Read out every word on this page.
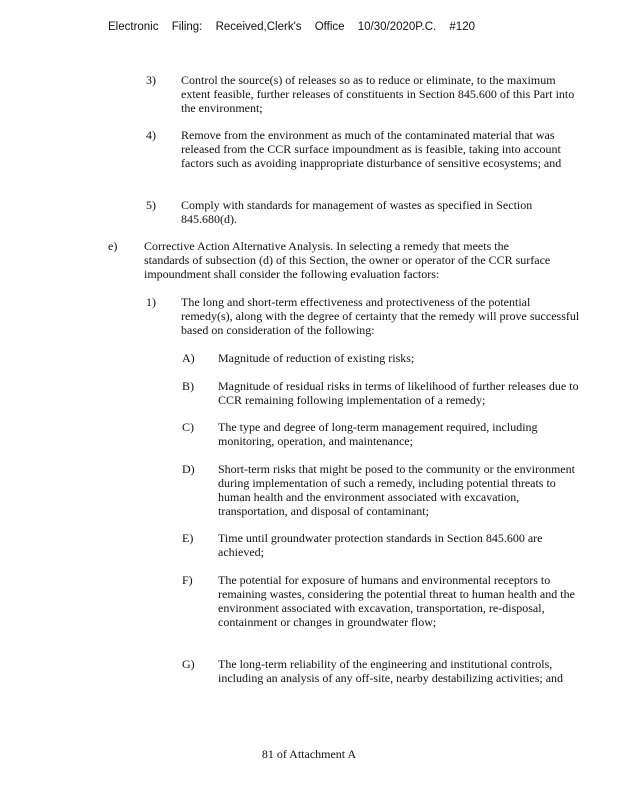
Electronic Filing: Received,Clerk's Office 10/30/2020P.C. #120
3) Control the source(s) of releases so as to reduce or eliminate, to the maximum extent feasible, further releases of constituents in Section 845.600 of this Part into the environment;
4) Remove from the environment as much of the contaminated material that was released from the CCR surface impoundment as is feasible, taking into account factors such as avoiding inappropriate disturbance of sensitive ecosystems; and
5) Comply with standards for management of wastes as specified in Section 845.680(d).
e) Corrective Action Alternative Analysis. In selecting a remedy that meets the standards of subsection (d) of this Section, the owner or operator of the CCR surface impoundment shall consider the following evaluation factors:
1) The long and short-term effectiveness and protectiveness of the potential remedy(s), along with the degree of certainty that the remedy will prove successful based on consideration of the following:
A) Magnitude of reduction of existing risks;
B) Magnitude of residual risks in terms of likelihood of further releases due to CCR remaining following implementation of a remedy;
C) The type and degree of long-term management required, including monitoring, operation, and maintenance;
D) Short-term risks that might be posed to the community or the environment during implementation of such a remedy, including potential threats to human health and the environment associated with excavation, transportation, and disposal of contaminant;
E) Time until groundwater protection standards in Section 845.600 are achieved;
F) The potential for exposure of humans and environmental receptors to remaining wastes, considering the potential threat to human health and the environment associated with excavation, transportation, re-disposal, containment or changes in groundwater flow;
G) The long-term reliability of the engineering and institutional controls, including an analysis of any off-site, nearby destabilizing activities; and
81 of Attachment A
